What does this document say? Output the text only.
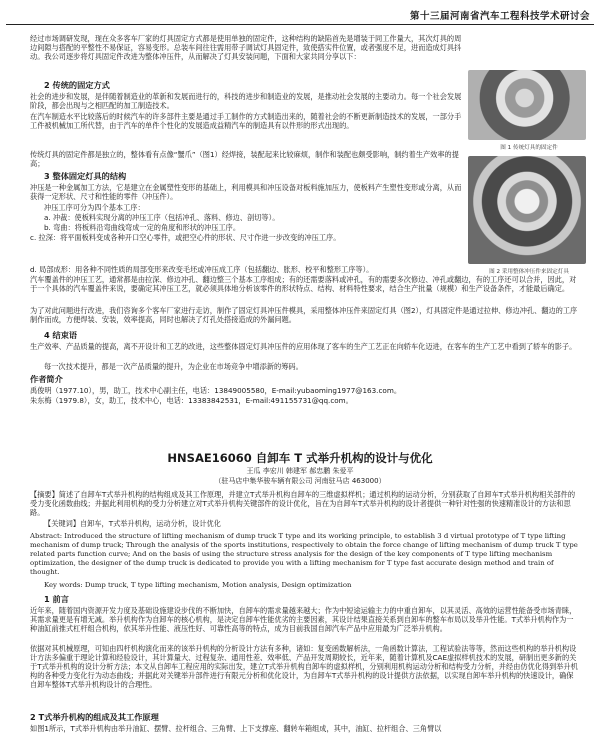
第十三届河南省汽车工程科技学术研讨会

经过市场调研发现，现在众多客车厂家的灯具固定方式都是使用单独的固定件，这种结构的缺陷首先是增装于同工作量大，其次灯具的周边间隙与搭配的平整性不易保证，容易变形。总装车间往往需用带子调试灯具固定件，致使搭实件位置，或者强度不足，进而造成灯具抖动。我公司逐步将灯具固定件改进为整体冲压件，从而解决了灯具安装问题，下面和大家共同分享以下：

2 传统的固定方式

社会的进步和发展，是伴随着制造业的革新和发展而进行的，科技的进步和制造业的发展，是推动社会发展的主要动力。每一个社会发展阶段，都会出现与之相匹配的加工制造技术。

在汽车制造水平比较落后的时候汽车的许多部件主要是通过手工制作的方式制造出来的，随着社会的不断更新制造技术的发展，一部分手工件被机械加工所代替，由于汽车的单件个性化的发展造成益精汽车的制造具有以件形的形式出现的。

传统灯具的固定件都是独立的，整体看有点像“蟹爪”（图1）经焊接，装配起来比较麻烦，制作和装配也颇受影响，制约着生产效率的提高；

3 整体固定灯具的结构

冲压是一种金属加工方法，它是建立在金属塑性变形的基础上，利用模具和冲压设备对板料施加压力，使板料产生塑性变形或分离，从而获得一定形状、尺寸和性能的零件（冲压件）。

冲压工序可分为四个基本工序：

a. 冲裁：使板料实现分离的冲压工序（包括冲孔、落料、修边、剖切等）。

b. 弯曲：将板料沿弯曲线弯成一定的角度和形状的冲压工序。

c. 拉深：将平面板料变成各种开口空心零件，或把空心件的形状、尺寸作进一步改变的冲压工序。

d. 局部成形：用各种不同性质的局部变形来改变毛坯或冲压成工序（包括翻边、胀形、校平和整形工序等）。

汽车覆盖件的冲压工艺，通常都是由拉深、修边冲孔、翻边整三个基本工序组成；有的还需要落料或冲孔，有的需要多次修边、冲孔或翻边，有的工序还可以合并，因此，对于一个具体的汽车覆盖件来说，要确定其冲压工艺，就必须具体地分析该零件的形状特点、结构、材料特性要求，结合生产批量（规模）和生产设备条件，才能最后确定。

为了对此问题进行改进，我们咨询多个客车厂家进行走访，制作了固定灯具冲压件模具，采用整体冲压件来固定灯具（图2），灯具固定件是通过拉伸、修边冲孔、翻边的工序制作而成，方便焊装、安装，效率提高，同时也解决了灯孔处搭接造成的外漏问题。

4 结束语

生产效率、产品质量的提高，离不开设计和工艺的改进，这些整体固定灯具冲压件的应用体现了客车的生产工艺正在向轿车化迈进，在客车的生产工艺中看到了轿车的影子。

每一次技术提升，都是一次产品质量的提升，为企业在市场竞争中增添新的筹码。

作者简介

禹俊明（1977.10），男，助工，技术中心副主任，电话：13849005580，E-mail:yubaoming1977@163.com。

朱东梅（1979.8），女，助工，技术中心，电话：13383842531，E-mail:491155731@qq.com。

图 1 传统灯具的固定件
图 2 采用整体冲压件来固定灯具

HNSAE16060 自卸车 T 式举升机构的设计与优化

王瓜 李宏川 韩建军 郝忠鹏 朱爱平

（驻马店中集华骏车辆有限公司 河南驻马店 463000）

【摘要】简述了自卸车T式举升机构的结构组成及其工作原理，并建立T式举升机构自卸车的三维虚拟样机；通过机构的运动分析，分别获取了自卸车T式举升机构相关部件的受力变化函数曲线；并据此利用机构的受力分析建立对T式举升机构关键部件的设计优化，旨在为自卸车T式举升机构的设计者提供一种针对性强的快速精准设计的方法和思路。

【关键词】自卸车，T式举升机构，运动分析，设计优化

Abstract: Introduced the structure of lifting mechanism of dump truck T type and its working principle, to establish 3 d virtual prototype of T type lifting mechanism of dump truck; Through the analysis of the sports institutions, respectively to obtain the force change of lifting mechanism of dump truck T type related parts function curve; And on the basis of using the structure stress analysis for the design of the key components of T type lifting mechanism optimization, the designer of the dump truck is dedicated to provide you with a lifting mechanism for T type fast accurate design method and train of thought.

Key words: Dump truck, T type lifting mechanism, Motion analysis, Design optimization

1 前言

近年来，随着国内资源开发力度及基础设施建设步伐的不断加快，自卸车的需求量越来越大；作为中短途运输主力的中重自卸车，以其灵活、高效的运营性能备受市场青睐，其需求量更是有增无减。举升机构作为自卸车的核心机构，是决定自卸车性能优劣的主要因素，其设计结果直接关系到自卸车的整车布局以及举升性能。T式举升机构作为一种油缸前推式杠杆组合机构，依其举升性能、液压性好、可靠性高等的特点，成为目前我国自卸汽车产品中应用最为广泛举升机构。

依据对其机械原理，可知由四杆机构演化而来的该举升机构的分析设计方法有多种，诸如：复变函数解析法，一角函数计算法，工程试验法等等，然而这些机构的举升机构设计方法多偏重于理论计算和经验设计，其计算量大、过程复杂、通用性差、效率低、产品开发周期较长，近年来，随着计算机及CAE虚拟样机技术的发展，研制出更多新的关于T式举升机构的设计分析方法；本文从自卸车工程应用的实际出发，建立T式举升机构自卸车的虚拟样机，分别利用机构运动分析和结构受力分析，并经由仿优化得到举升机构的各种受力变化行为动态曲线；并据此对关键举升部件进行有限元分析和优化设计，为自卸车T式举升机构的设计提供方法依据，以实现自卸车举升机构的快速设计，确保自卸车整体T式举升机构设计的合理性。

2 T式举升机构的组成及其工作原理

如图1所示，T式举升机构由举升油缸、摆臂、拉杆组合、三角臂、上下支撑座、翻转车箱组成，其中，油缸、拉杆组合、三角臂以
